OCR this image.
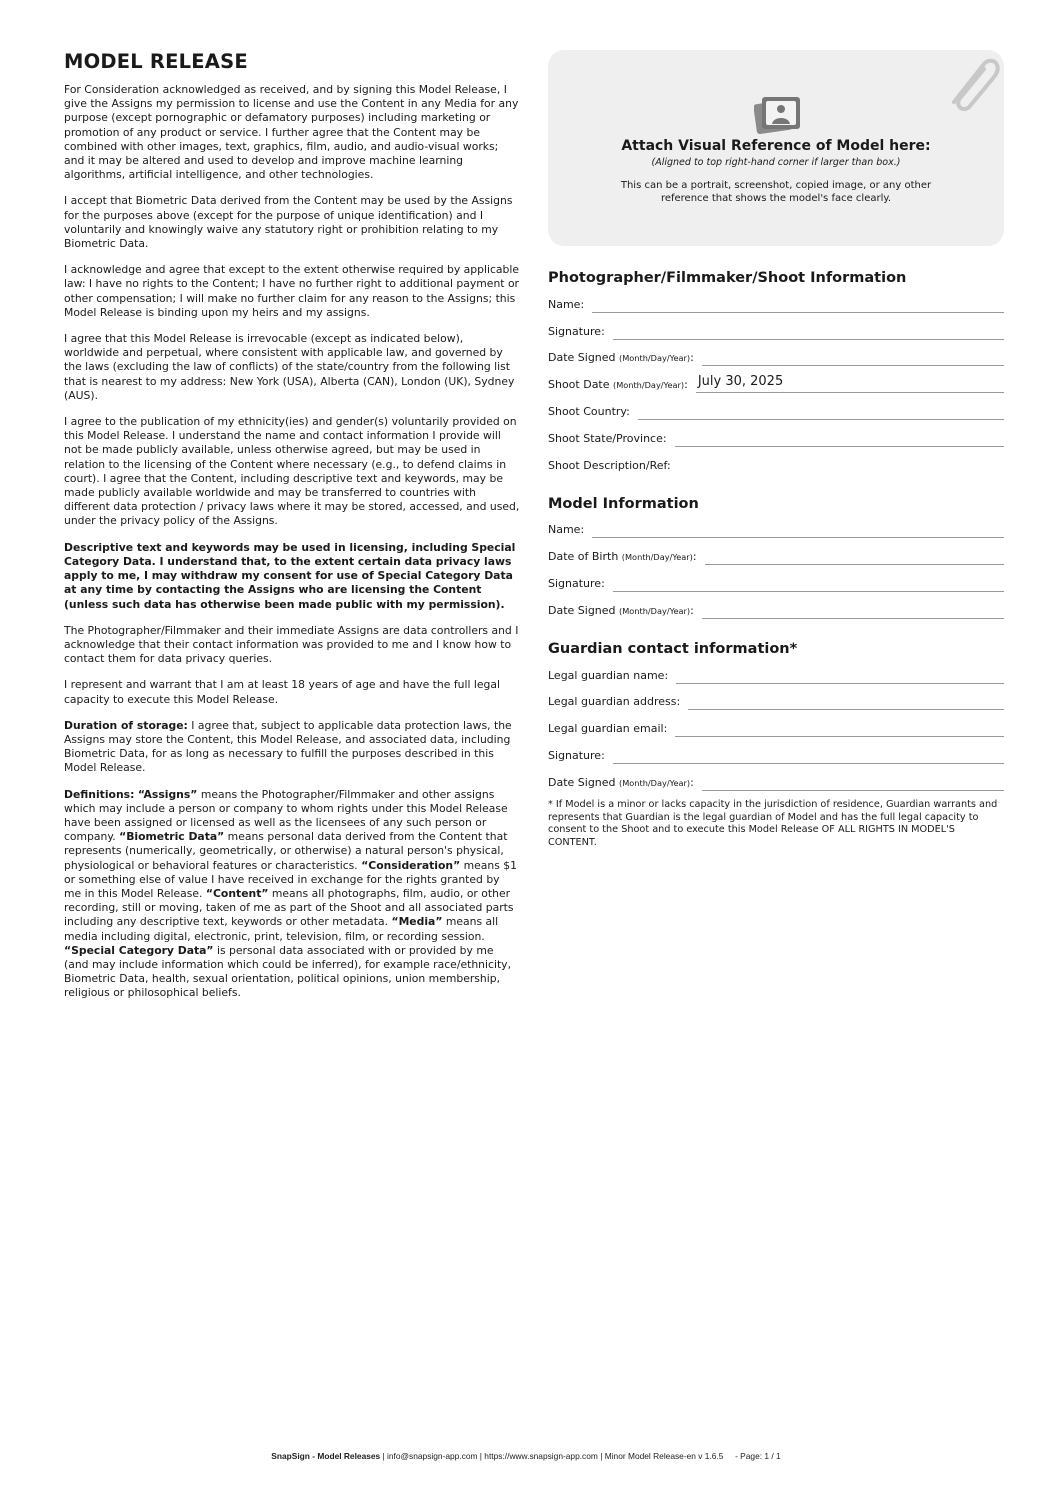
MODEL RELEASE

For Consideration acknowledged as received, and by signing this Model Release, I give the Assigns my permission to license and use the Content in any Media for any purpose (except pornographic or defamatory purposes) including marketing or promotion of any product or service. I further agree that the Content may be combined with other images, text, graphics, film, audio, and audio-visual works; and it may be altered and used to develop and improve machine learning algorithms, artificial intelligence, and other technologies.

I accept that Biometric Data derived from the Content may be used by the Assigns for the purposes above (except for the purpose of unique identification) and I voluntarily and knowingly waive any statutory right or prohibition relating to my Biometric Data.

I acknowledge and agree that except to the extent otherwise required by applicable law: I have no rights to the Content; I have no further right to additional payment or other compensation; I will make no further claim for any reason to the Assigns; this Model Release is binding upon my heirs and my assigns.

I agree that this Model Release is irrevocable (except as indicated below), worldwide and perpetual, where consistent with applicable law, and governed by the laws (excluding the law of conflicts) of the state/country from the following list that is nearest to my address: New York (USA), Alberta (CAN), London (UK), Sydney (AUS).

I agree to the publication of my ethnicity(ies) and gender(s) voluntarily provided on this Model Release. I understand the name and contact information I provide will not be made publicly available, unless otherwise agreed, but may be used in relation to the licensing of the Content where necessary (e.g., to defend claims in court). I agree that the Content, including descriptive text and keywords, may be made publicly available worldwide and may be transferred to countries with different data protection / privacy laws where it may be stored, accessed, and used, under the privacy policy of the Assigns.

Descriptive text and keywords may be used in licensing, including Special Category Data. I understand that, to the extent certain data privacy laws apply to me, I may withdraw my consent for use of Special Category Data at any time by contacting the Assigns who are licensing the Content (unless such data has otherwise been made public with my permission).

The Photographer/Filmmaker and their immediate Assigns are data controllers and I acknowledge that their contact information was provided to me and I know how to contact them for data privacy queries.

I represent and warrant that I am at least 18 years of age and have the full legal capacity to execute this Model Release.

Duration of storage: I agree that, subject to applicable data protection laws, the Assigns may store the Content, this Model Release, and associated data, including Biometric Data, for as long as necessary to fulfill the purposes described in this Model Release.

Definitions: “Assigns” means the Photographer/Filmmaker and other assigns which may include a person or company to whom rights under this Model Release have been assigned or licensed as well as the licensees of any such person or company. “Biometric Data” means personal data derived from the Content that represents (numerically, geometrically, or otherwise) a natural person's physical, physiological or behavioral features or characteristics. “Consideration” means $1 or something else of value I have received in exchange for the rights granted by me in this Model Release. “Content” means all photographs, film, audio, or other recording, still or moving, taken of me as part of the Shoot and all associated parts including any descriptive text, keywords or other metadata. “Media” means all media including digital, electronic, print, television, film, or recording session. “Special Category Data” is personal data associated with or provided by me (and may include information which could be inferred), for example race/ethnicity, Biometric Data, health, sexual orientation, political opinions, union membership, religious or philosophical beliefs.

Attach Visual Reference of Model here:
(Aligned to top right-hand corner if larger than box.)
This can be a portrait, screenshot, copied image, or any other reference that shows the model's face clearly.
Photographer/Filmmaker/Shoot Information
Name:
Signature:
Date Signed (Month/Day/Year):
Shoot Date (Month/Day/Year): July 30, 2025
Shoot Country:
Shoot State/Province:
Shoot Description/Ref:
Model Information
Name:
Date of Birth (Month/Day/Year):
Signature:
Date Signed (Month/Day/Year):
Guardian contact information*
Legal guardian name:
Legal guardian address:
Legal guardian email:
Signature:
Date Signed (Month/Day/Year):
* If Model is a minor or lacks capacity in the jurisdiction of residence, Guardian warrants and represents that Guardian is the legal guardian of Model and has the full legal capacity to consent to the Shoot and to execute this Model Release OF ALL RIGHTS IN MODEL'S CONTENT.
SnapSign - Model Releases | info@snapsign-app.com | https://www.snapsign-app.com | Minor Model Release-en v 1.6.5 - Page: 1 / 1
